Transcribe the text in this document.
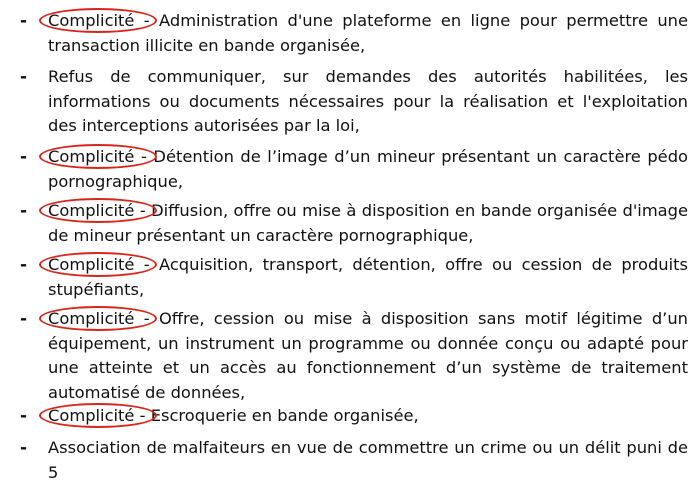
- Complicité
- Administration d'une plateforme en ligne pour permettre une transaction illicite en bande organisée,
- Refus de communiquer, sur demandes des autorités habilitées, les informations ou documents nécessaires pour la réalisation et l'exploitation des interceptions autorisées par la loi,
- Complicité
- Détention de l’image d’un mineur présentant un caractère pédo pornographique,
- Complicité
- Diffusion, offre ou mise à disposition en bande organisée d'image de mineur présentant un caractère pornographique,
- Complicité
- Acquisition, transport, détention, offre ou cession de produits stupéfiants,
- Complicité
- Offre, cession ou mise à disposition sans motif légitime d’un équipement, un instrument un programme ou donnée conçu ou adapté pour une atteinte et un accès au fonctionnement d’un système de traitement automatisé de données,
- Complicité
- Escroquerie en bande organisée,
- Association de malfaiteurs en vue de commettre un crime ou un délit puni de 5
